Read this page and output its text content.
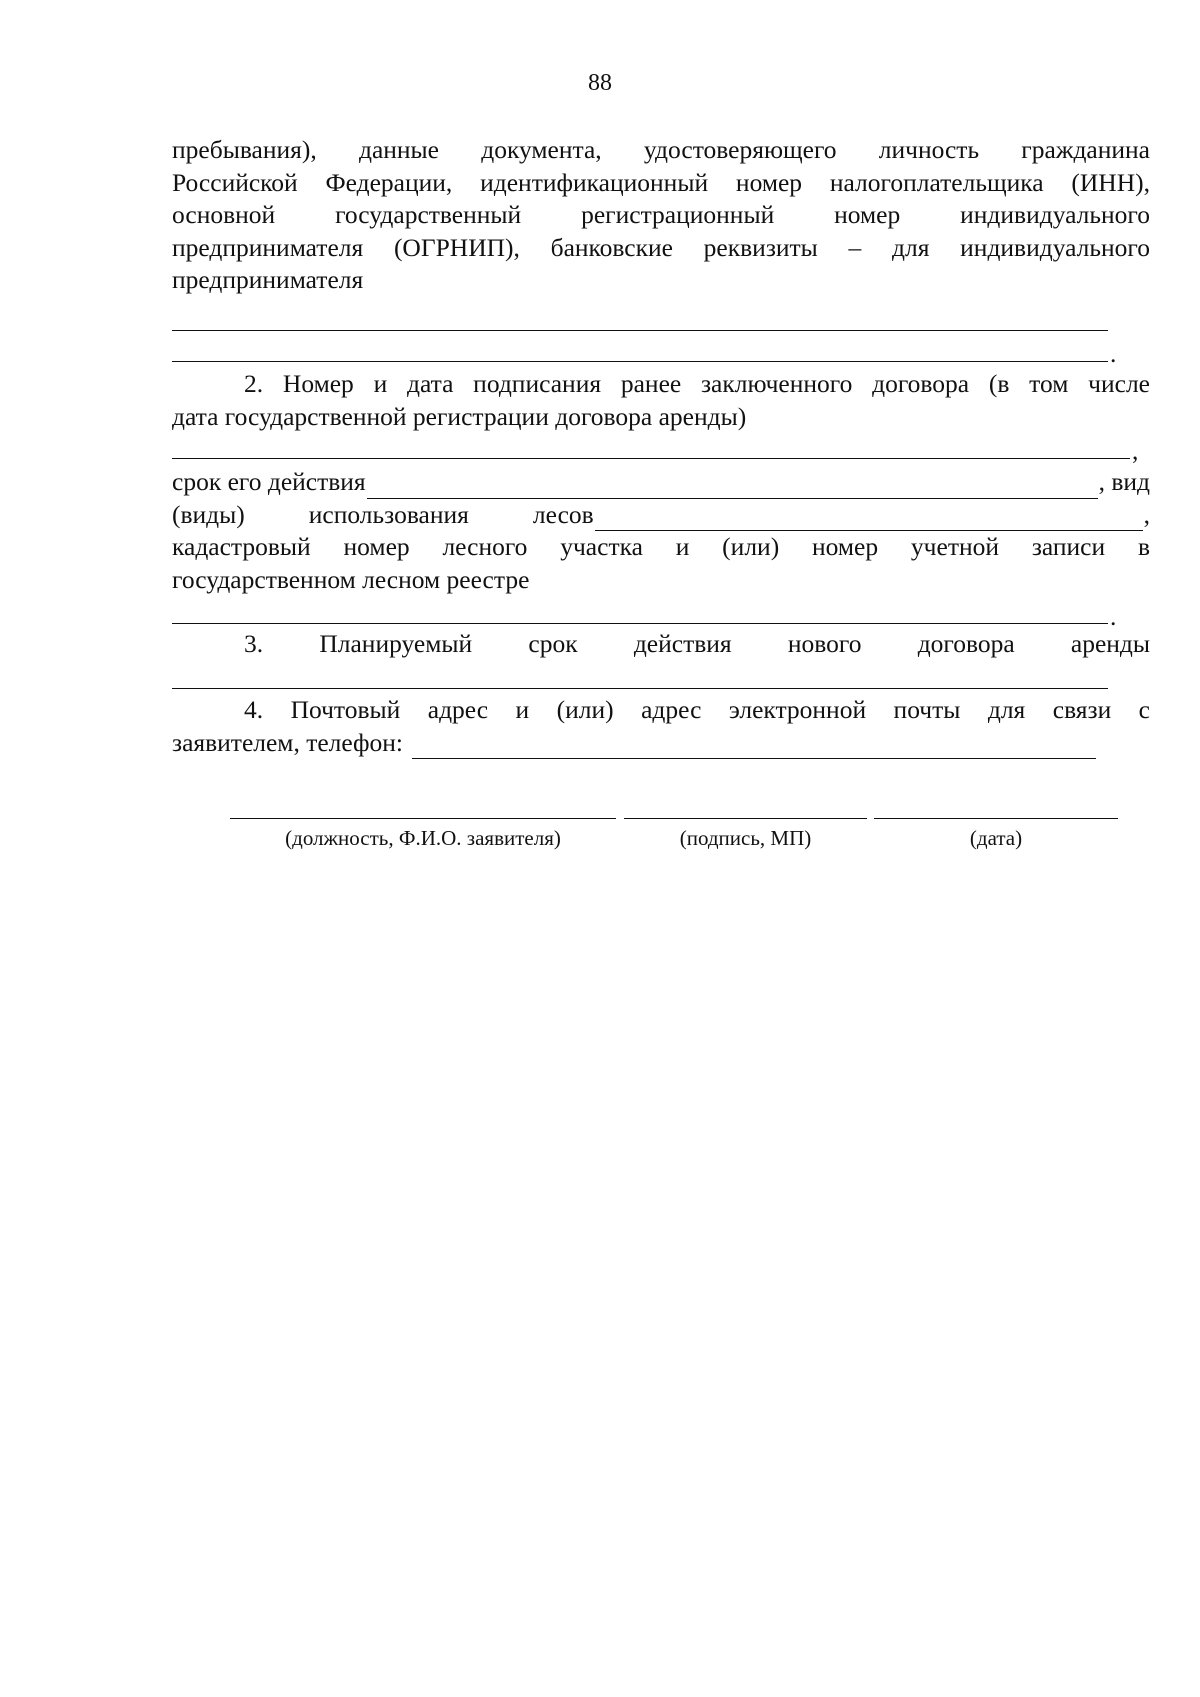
88
пребывания), данные документа, удостоверяющего личность гражданина
Российской Федерации, идентификационный номер налогоплательщика (ИНН),
основной государственный регистрационный номер индивидуального
предпринимателя (ОГРНИП), банковские реквизиты – для индивидуального
предпринимателя
.
2. Номер и дата подписания ранее заключенного договора (в том числе
дата государственной регистрации договора аренды)
,
срок его действия	, вид
(виды)	использования	лесов	,
кадастровый номер лесного участка и (или) номер учетной записи в
государственном лесном реестре
.
3. Планируемый срок действия нового договора аренды
4. Почтовый адрес и (или) адрес электронной почты для связи с
заявителем, телефон:
(должность, Ф.И.О. заявителя)	(подпись, МП)	(дата)
